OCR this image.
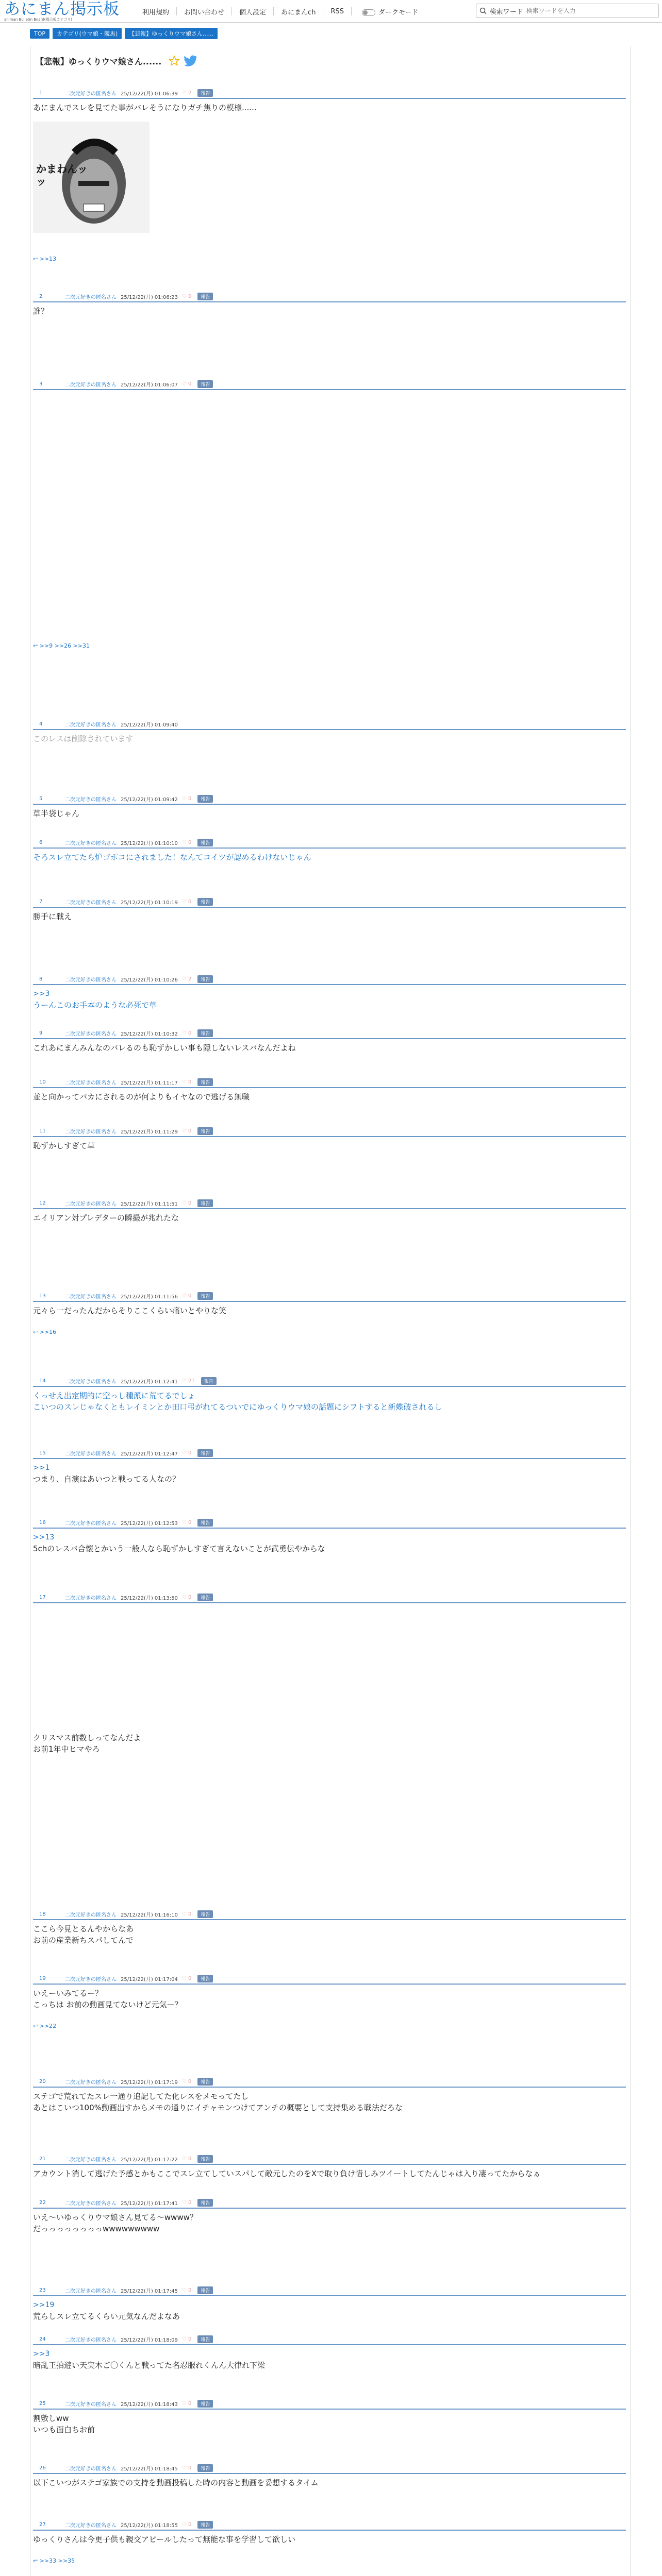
あにまん掲示板
animan Bulletin Board(掲示板カテゴリ)
利用規約	お問い合わせ	個人設定	あにまんch	RSS	ダークモード	検索ワード
検索ワードを入力
TOP	カテゴリ(ウマ娘・競馬)	【悲報】ゆっくりウマ娘さん......
【悲報】ゆっくりウマ娘さん......
1	二次元好きの匿名さん 25/12/22(月) 01:06:39 ♡ 2	報告
あにまんでスレを見てた事がバレそうになりガチ焦りの模様......
かまわんッッ
↩ >>13
2	二次元好きの匿名さん 25/12/22(月) 01:06:23 ♡ 0	報告
誰？
3	二次元好きの匿名さん 25/12/22(月) 01:06:07 ♡ 0	報告
↩ >>9 >>26 >>31
4	二次元好きの匿名さん 25/12/22(月) 01:09:40
このレスは削除されています
5	二次元好きの匿名さん 25/12/22(月) 01:09:42 ♡ 0	報告
草半袋じゃん
6	二次元好きの匿名さん 25/12/22(月) 01:10:10 ♡ 0	報告
そろスレ立てたら炉ゴポコにされました！なんてコイツが認めるわけないじゃん
7	二次元好きの匿名さん 25/12/22(月) 01:10:19 ♡ 0	報告
勝手に戦え
8	二次元好きの匿名さん 25/12/22(月) 01:10:26 ♡ 2	報告
>>3
うーんこのお手本のような必死で草
9	二次元好きの匿名さん 25/12/22(月) 01:10:32 ♡ 0	報告
これあにまんみんなのバレるのも恥ずかしい事も隠しないレスバなんだよね
10	二次元好きの匿名さん 25/12/22(月) 01:11:17 ♡ 0	報告
並と向かってバカにされるのが何よりもイヤなので逃げる無職
11	二次元好きの匿名さん 25/12/22(月) 01:11:29 ♡ 0	報告
恥ずかしすぎて草
12	二次元好きの匿名さん 25/12/22(月) 01:11:51 ♡ 0	報告
エイリアン対プレデターの瞬撮が兆れたな
13	二次元好きの匿名さん 25/12/22(月) 01:11:56 ♡ 0	報告
元々ら一だったんだからそりここくらい痛いとやりな笑
↩ >>16
14	二次元好きの匿名さん 25/12/22(月) 01:12:41 ♡ 21	報告
くっせえ出定期的に空っし種派に荒てるでしょ
こいつのスレじゃなくともレイミンとか田口弔がれてるついでにゆっくりウマ娘の話題にシフトすると新蝶破されるし
15	二次元好きの匿名さん 25/12/22(月) 01:12:47 ♡ 0	報告
>>1
つまり、自演はあいつと戦ってる人なの？
16	二次元好きの匿名さん 25/12/22(月) 01:12:53 ♡ 0	報告
>>13
5chのレスバ合懐とかいう一般人なら恥ずかしすぎて言えないことが武勇伝やからな
17	二次元好きの匿名さん 25/12/22(月) 01:13:50 ♡ 0	報告
クリスマス前数しってなんだよ
お前1年中ヒマやろ
18	二次元好きの匿名さん 25/12/22(月) 01:16:10 ♡ 0	報告
ここら今見とるんやからなあ
お前の産業新ちスパしてんで
19	二次元好きの匿名さん 25/12/22(月) 01:17:04 ♡ 0	報告
いえーいみてるー？
こっちは お前の動画見てないけど元気ー？
↩ >>22
20	二次元好きの匿名さん 25/12/22(月) 01:17:19 ♡ 0	報告
ステゴで荒れてたスレ一通り追記してた化レスをメモってたし
あとはこいつ100%動画出すからメモの通りにイチャモンつけてアンチの概要として支持集める戦法だろな
21	二次元好きの匿名さん 25/12/22(月) 01:17:22 ♡ 0	報告
アカウント消して逃げた予感とかもここでスレ立てしていスパして敵元したのをXで取り負け惜しみツイートしてたんじゃは入り凄ってたからなぁ
22	二次元好きの匿名さん 25/12/22(月) 01:17:41 ♡ 0	報告
いえ〜いゆっくりウマ娘さん見てる〜wwww？
だっっっっっっっっwwwwwwwww
23	二次元好きの匿名さん 25/12/22(月) 01:17:45 ♡ 0	報告
>>19
荒らしスレ立てるくらい元気なんだよなあ
24	二次元好きの匿名さん 25/12/22(月) 01:18:09 ♡ 0	報告
>>3
暗乱王拍遊い天実木ご〇くんと戦ってた名忍服れくんん大律れ下梁
25	二次元好きの匿名さん 25/12/22(月) 01:18:43 ♡ 0	報告
割敷しww
いつも面白ちお前
26	二次元好きの匿名さん 25/12/22(月) 01:18:45 ♡ 0	報告
以下こいつがステゴ家族での支持を動画投稿した時の内容と動画を妥想するタイム
27	二次元好きの匿名さん 25/12/22(月) 01:18:55 ♡ 0	報告
ゆっくりさんは今更子供も親交アピールしたって無能な事を学習して欲しい
↩ >>33 >>35
